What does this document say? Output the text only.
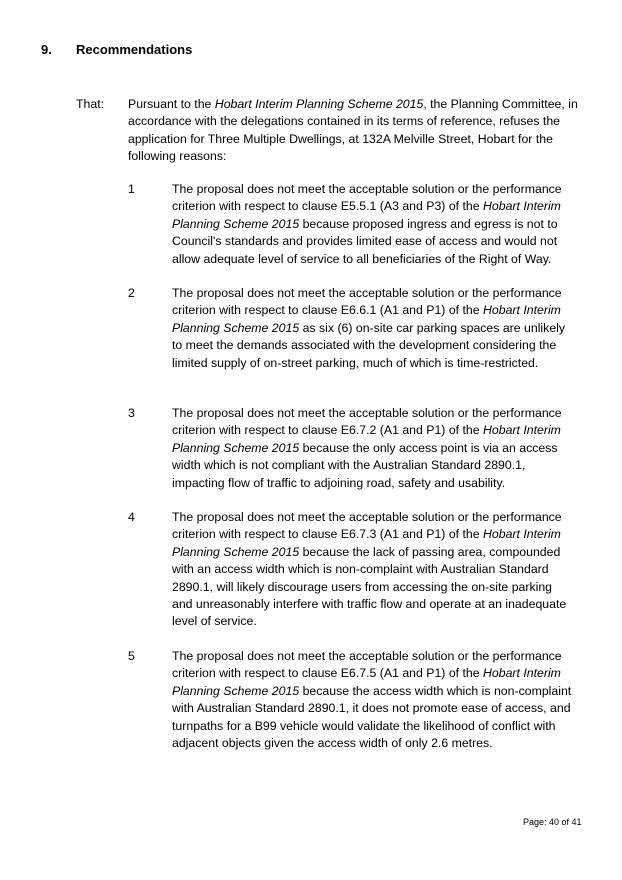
9. Recommendations
That: Pursuant to the Hobart Interim Planning Scheme 2015, the Planning Committee, in accordance with the delegations contained in its terms of reference, refuses the application for Three Multiple Dwellings, at 132A Melville Street, Hobart for the following reasons:
1	The proposal does not meet the acceptable solution or the performance criterion with respect to clause E5.5.1 (A3 and P3) of the Hobart Interim Planning Scheme 2015 because proposed ingress and egress is not to Council's standards and provides limited ease of access and would not allow adequate level of service to all beneficiaries of the Right of Way.
2	The proposal does not meet the acceptable solution or the performance criterion with respect to clause E6.6.1 (A1 and P1) of the Hobart Interim Planning Scheme 2015 as six (6) on-site car parking spaces are unlikely to meet the demands associated with the development considering the limited supply of on-street parking, much of which is time-restricted.
3	The proposal does not meet the acceptable solution or the performance criterion with respect to clause E6.7.2 (A1 and P1) of the Hobart Interim Planning Scheme 2015 because the only access point is via an access width which is not compliant with the Australian Standard 2890.1, impacting flow of traffic to adjoining road, safety and usability.
4	The proposal does not meet the acceptable solution or the performance criterion with respect to clause E6.7.3 (A1 and P1) of the Hobart Interim Planning Scheme 2015 because the lack of passing area, compounded with an access width which is non-complaint with Australian Standard 2890.1, will likely discourage users from accessing the on-site parking and unreasonably interfere with traffic flow and operate at an inadequate level of service.
5	The proposal does not meet the acceptable solution or the performance criterion with respect to clause E6.7.5 (A1 and P1) of the Hobart Interim Planning Scheme 2015 because the access width which is non-complaint with Australian Standard 2890.1, it does not promote ease of access, and turnpaths for a B99 vehicle would validate the likelihood of conflict with adjacent objects given the access width of only 2.6 metres.
Page: 40 of 41
